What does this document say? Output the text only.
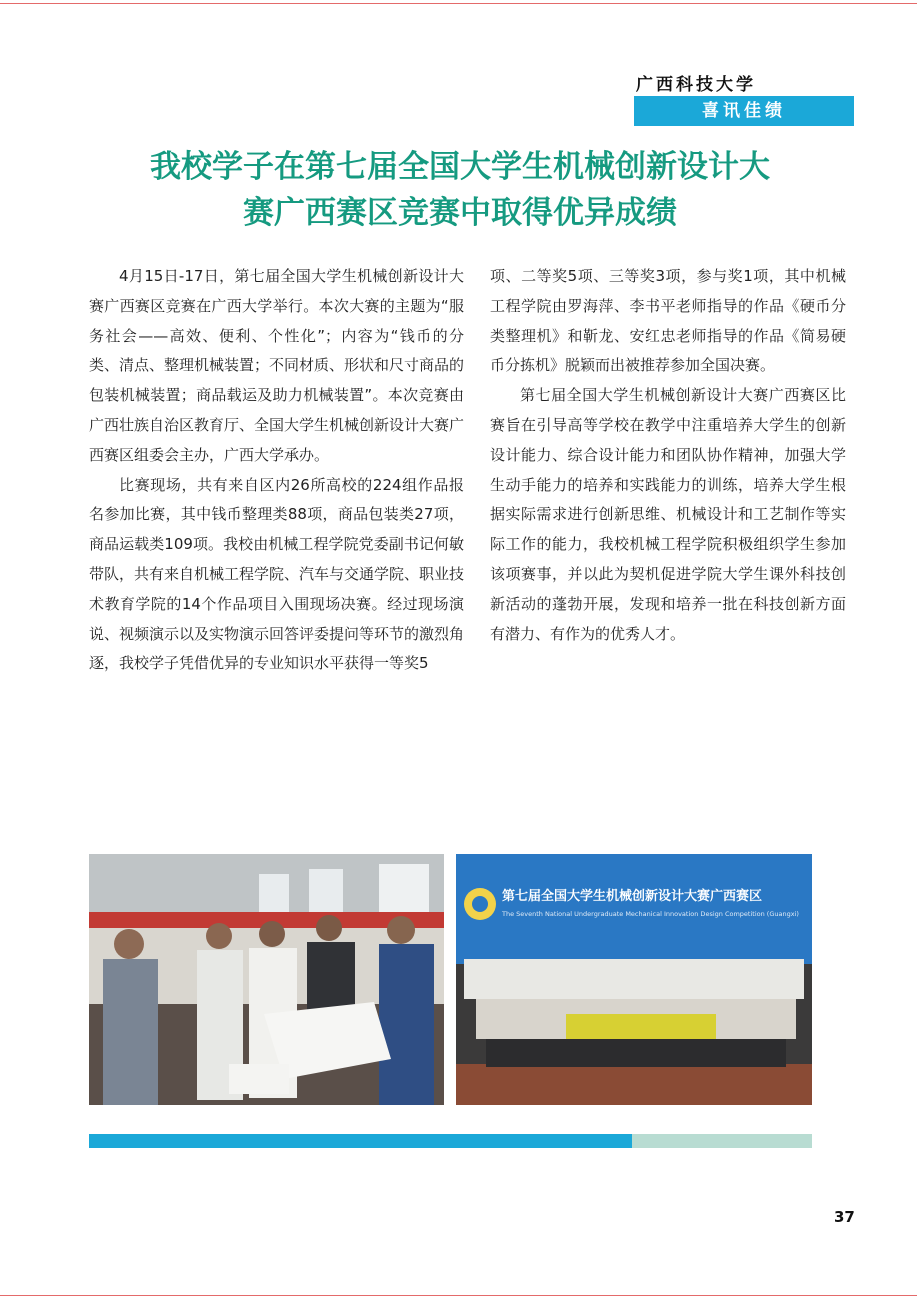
广西科技大学
喜讯佳绩
我校学子在第七届全国大学生机械创新设计大
赛广西赛区竞赛中取得优异成绩

4月15日-17日，第七届全国大学生机械创新设计大赛广西赛区竞赛在广西大学举行。本次大赛的主题为“服务社会——高效、便利、个性化”；内容为“钱币的分类、清点、整理机械装置；不同材质、形状和尺寸商品的包装机械装置；商品载运及助力机械装置”。本次竞赛由广西壮族自治区教育厅、全国大学生机械创新设计大赛广西赛区组委会主办，广西大学承办。

比赛现场，共有来自区内26所高校的224组作品报名参加比赛，其中钱币整理类88项，商品包装类27项，商品运载类109项。我校由机械工程学院党委副书记何敏带队，共有来自机械工程学院、汽车与交通学院、职业技术教育学院的14个作品项目入围现场决赛。经过现场演说、视频演示以及实物演示回答评委提问等环节的激烈角逐，我校学子凭借优异的专业知识水平获得一等奖5

项、二等奖5项、三等奖3项，参与奖1项，其中机械工程学院由罗海萍、李书平老师指导的作品《硬币分类整理机》和靳龙、安红忠老师指导的作品《简易硬币分拣机》脱颖而出被推荐参加全国决赛。

第七届全国大学生机械创新设计大赛广西赛区比赛旨在引导高等学校在教学中注重培养大学生的创新设计能力、综合设计能力和团队协作精神，加强大学生动手能力的培养和实践能力的训练，培养大学生根据实际需求进行创新思维、机械设计和工艺制作等实际工作的能力，我校机械工程学院积极组织学生参加该项赛事，并以此为契机促进学院大学生课外科技创新活动的蓬勃开展，发现和培养一批在科技创新方面有潜力、有作为的优秀人才。

第七届全国大学生机械创新设计大赛广西赛区
The Seventh National Undergraduate Mechanical Innovation Design Competition (Guangxi)
37
